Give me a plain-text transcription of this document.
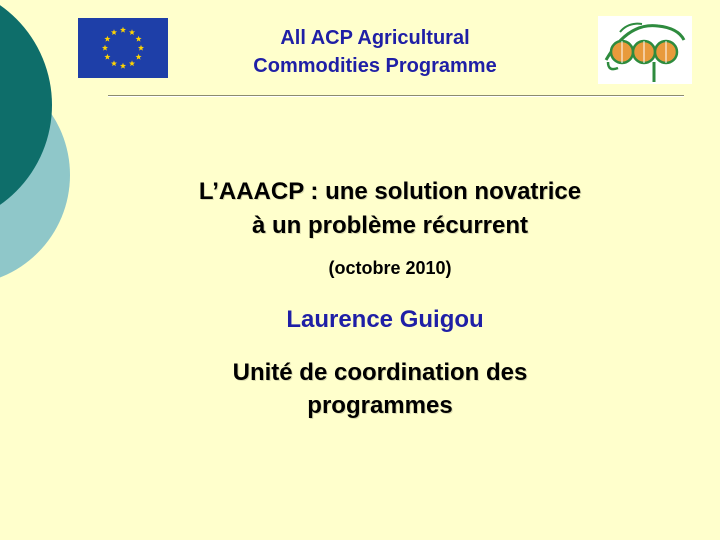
All ACP Agricultural
Commodities Programme
L’AAACP : une solution novatrice
à un problème récurrent
(octobre 2010)
Laurence Guigou
Unité de coordination des
programmes
